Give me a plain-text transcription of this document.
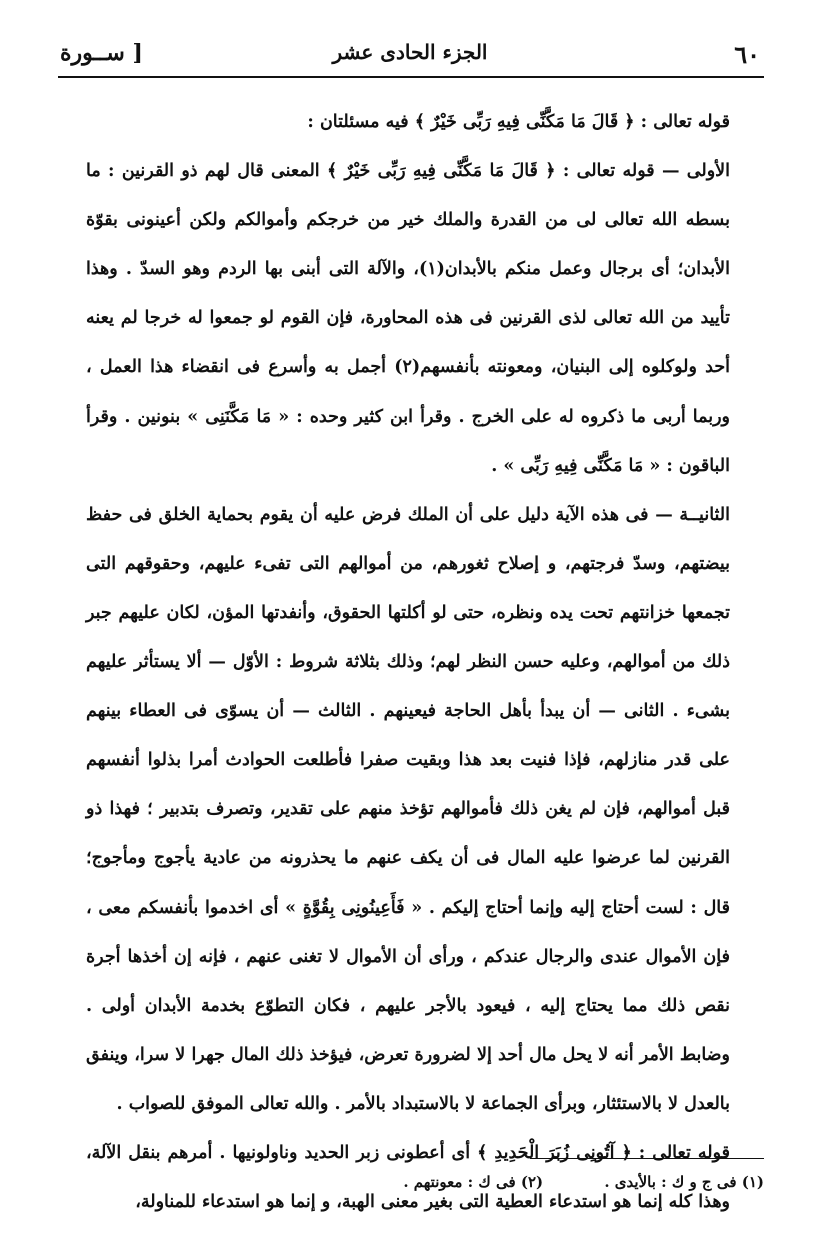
٦٠
الجزء الحادى عشر
[ ســورة

قوله تعالى : ﴿ قَالَ مَا مَكَّنِّى فِيهِ رَبِّى خَيْرٌ ﴾ فيه مسئلتان :

الأولى — قوله تعالى : ﴿ قَالَ مَا مَكَّنِّى فِيهِ رَبِّى خَيْرٌ ﴾ المعنى قال لهم ذو القرنين : ما بسطه الله تعالى لى من القدرة والملك خير من خرجكم وأموالكم ولكن أعينونى بقوّة الأبدان؛ أى برجال وعمل منكم بالأبدان(١)، والآلة التى أبنى بها الردم وهو السدّ . وهذا تأييد من الله تعالى لذى القرنين فى هذه المحاورة، فإن القوم لو جمعوا له خرجا لم يعنه أحد ولوكلوه إلى البنيان، ومعونته بأنفسهم(٢) أجمل به وأسرع فى انقضاء هذا العمل ، وربما أربى ما ذكروه له على الخرج . وقرأ ابن كثير وحده : « مَا مَكَّنَنِى » بنونين . وقرأ الباقون : « مَا مَكَّنِّى فِيهِ رَبِّى » .

الثانيــة — فى هذه الآية دليل على أن الملك فرض عليه أن يقوم بحماية الخلق فى حفظ بيضتهم، وسدّ فرجتهم، و إصلاح ثغورهم، من أموالهم التى تفىء عليهم، وحقوقهم التى تجمعها خزانتهم تحت يده ونظره، حتى لو أكلتها الحقوق، وأنفدتها المؤن، لكان عليهم جبر ذلك من أموالهم، وعليه حسن النظر لهم؛ وذلك بثلاثة شروط : الأوّل — ألا يستأثر عليهم بشىء . الثانى — أن يبدأ بأهل الحاجة فيعينهم . الثالث — أن يسوّى فى العطاء بينهم على قدر منازلهم، فإذا فنيت بعد هذا وبقيت صفرا فأطلعت الحوادث أمرا بذلوا أنفسهم قبل أموالهم، فإن لم يغن ذلك فأموالهم تؤخذ منهم على تقدير، وتصرف بتدبير ؛ فهذا ذو القرنين لما عرضوا عليه المال فى أن يكف عنهم ما يحذرونه من عادية يأجوج ومأجوج؛ قال : لست أحتاج إليه وإنما أحتاج إليكم . « فَأَعِينُونِى بِقُوَّةٍ » أى اخدموا بأنفسكم معى ، فإن الأموال عندى والرجال عندكم ، ورأى أن الأموال لا تغنى عنهم ، فإنه إن أخذها أجرة نقص ذلك مما يحتاج إليه ، فيعود بالأجر عليهم ، فكان التطوّع بخدمة الأبدان أولى . وضابط الأمر أنه لا يحل مال أحد إلا لضرورة تعرض، فيؤخذ ذلك المال جهرا لا سرا، وينفق بالعدل لا بالاستئثار، وبرأى الجماعة لا بالاستبداد بالأمر . والله تعالى الموفق للصواب .

قوله تعالى : ﴿ آتُونِى زُبَرَ الْحَدِيدِ ﴾ أى أعطونى زبر الحديد وناولونيها . أمرهم بنقل الآلة، وهذا كله إنما هو استدعاء العطية التى بغير معنى الهبة، و إنما هو استدعاء للمناولة،

(١) فى ج و ك : بالأيدى . (٢) فى ك : معونتهم .
